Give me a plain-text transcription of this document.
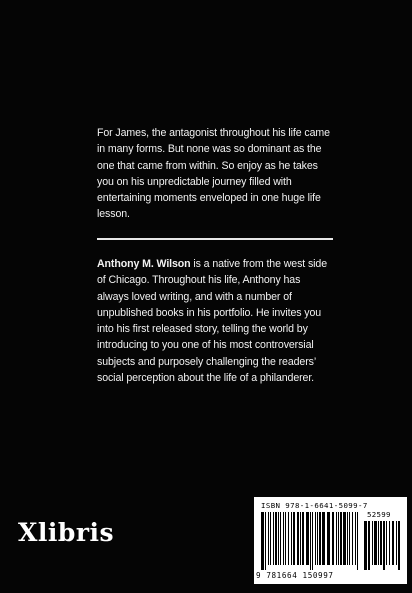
For James, the antagonist throughout his life came in many forms. But none was so dominant as the one that came from within. So enjoy as he takes you on his unpredictable journey filled with entertaining moments enveloped in one huge life lesson.

Anthony M. Wilson is a native from the west side of Chicago. Throughout his life, Anthony has always loved writing, and with a number of unpublished books in his portfolio. He invites you into his first released story, telling the world by introducing to you one of his most controversial subjects and purposely challenging the readers’ social perception about the life of a philanderer.

Xlibris
ISBN 978-1-6641-5099-7
52599
9 781664 150997
